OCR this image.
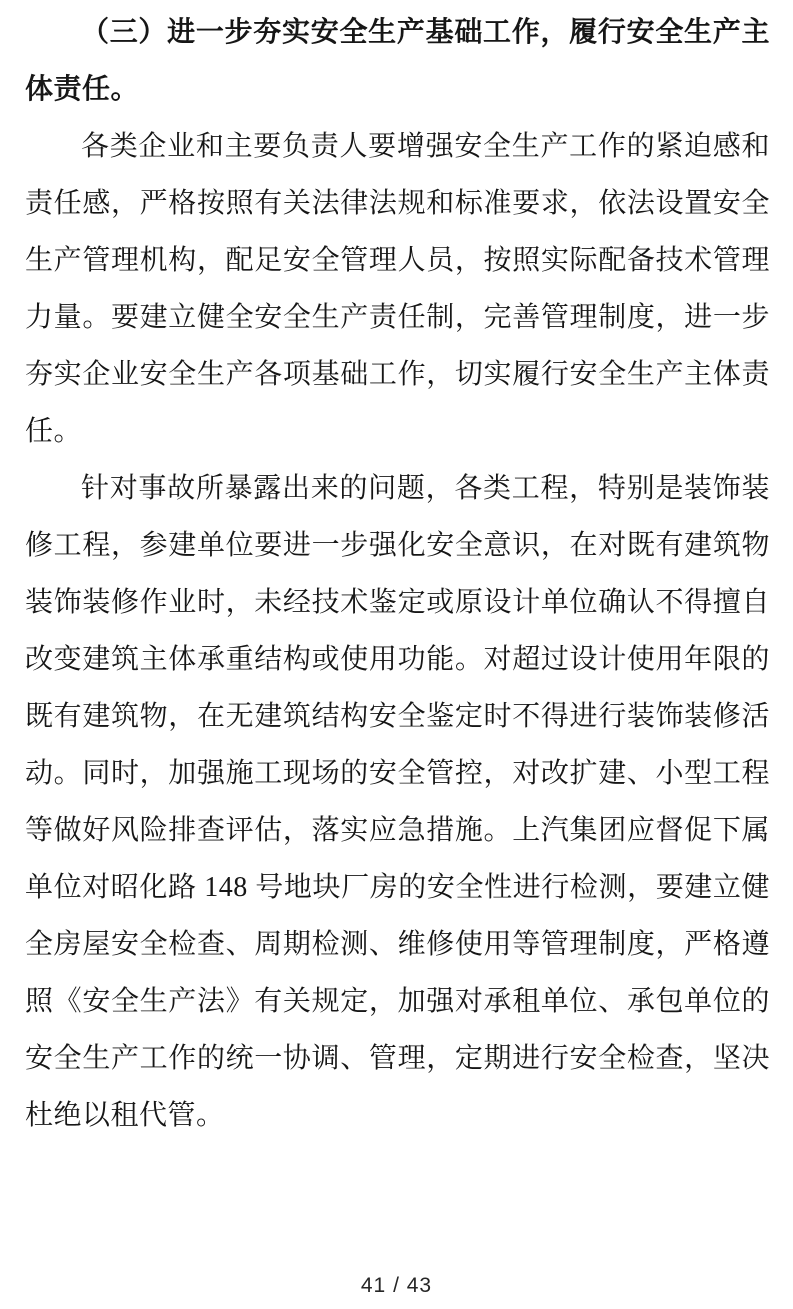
（三）进一步夯实安全生产基础工作，履行安全生产主体责任。

各类企业和主要负责人要增强安全生产工作的紧迫感和责任感，严格按照有关法律法规和标准要求，依法设置安全生产管理机构，配足安全管理人员，按照实际配备技术管理力量。要建立健全安全生产责任制，完善管理制度，进一步夯实企业安全生产各项基础工作，切实履行安全生产主体责任。

针对事故所暴露出来的问题，各类工程，特别是装饰装修工程，参建单位要进一步强化安全意识，在对既有建筑物装饰装修作业时，未经技术鉴定或原设计单位确认不得擅自改变建筑主体承重结构或使用功能。对超过设计使用年限的既有建筑物，在无建筑结构安全鉴定时不得进行装饰装修活动。同时，加强施工现场的安全管控，对改扩建、小型工程等做好风险排查评估，落实应急措施。上汽集团应督促下属单位对昭化路 148 号地块厂房的安全性进行检测，要建立健全房屋安全检查、周期检测、维修使用等管理制度，严格遵照《安全生产法》有关规定，加强对承租单位、承包单位的安全生产工作的统一协调、管理，定期进行安全检查，坚决杜绝以租代管。

41 / 43
